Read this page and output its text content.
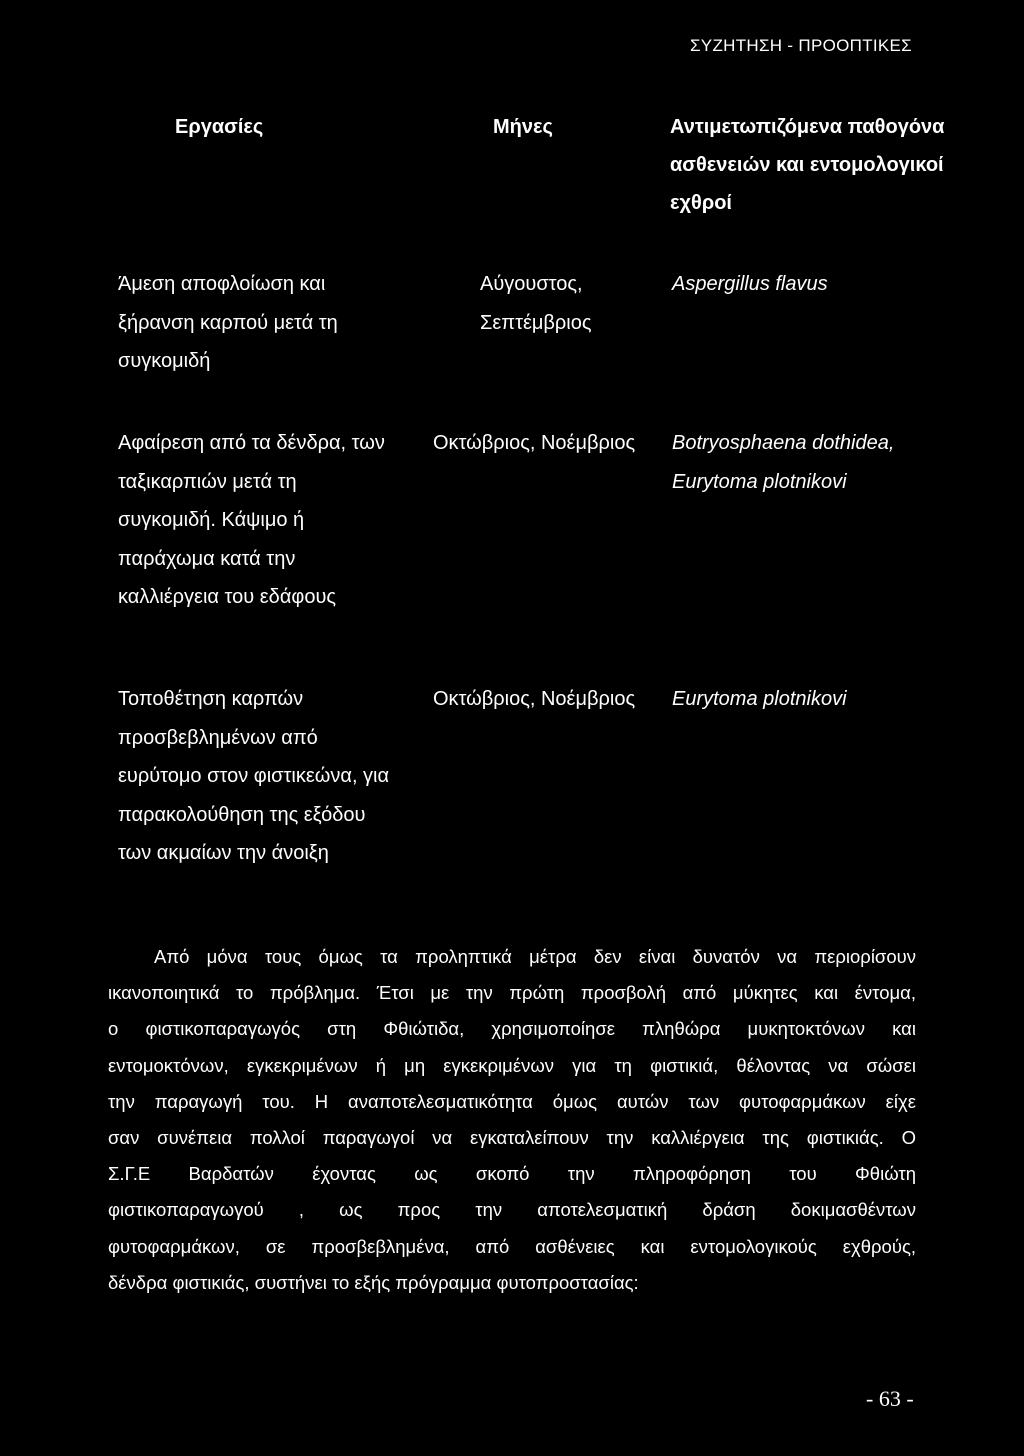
ΣΥΖΗΤΗΣΗ - ΠΡΟΟΠΤΙΚΕΣ
Εργασίες	Μήνες	Αντιμετωπιζόμενα παθογόνα
ασθενειών και εντομολογικοί
εχθροί
Άμεση αποφλοίωση και
ξήρανση καρπού μετά τη
συγκομιδή
Αύγουστος,
Σεπτέμβριος
Aspergillus flavus
Αφαίρεση από τα δένδρα, των
ταξικαρπιών μετά τη
συγκομιδή. Κάψιμο ή
παράχωμα κατά την
καλλιέργεια του εδάφους
Οκτώβριος, Νοέμβριος Botryosphaena dothidea,
Eurytoma plotnikovi
Τοποθέτηση καρπών
προσβεβλημένων από
ευρύτομο στον φιστικεώνα, για
παρακολούθηση της εξόδου
των ακμαίων την άνοιξη
Οκτώβριος, Νοέμβριος Eurytoma plotnikovi
Από μόνα τους όμως τα προληπτικά μέτρα δεν είναι δυνατόν να περιορίσουν
ικανοποιητικά το πρόβλημα. Έτσι με την πρώτη προσβολή από μύκητες και έντομα,
ο φιστικοπαραγωγός στη Φθιώτιδα, χρησιμοποίησε πληθώρα μυκητοκτόνων και
εντομοκτόνων, εγκεκριμένων ή μη εγκεκριμένων για τη φιστικιά, θέλοντας να σώσει
την παραγωγή του. Η αναποτελεσματικότητα όμως αυτών των φυτοφαρμάκων είχε
σαν συνέπεια πολλοί παραγωγοί να εγκαταλείπουν την καλλιέργεια της φιστικιάς. Ο
Σ.Γ.Ε Βαρδατών έχοντας ως σκοπό την πληροφόρηση του Φθιώτη
φιστικοπαραγωγού , ως προς την αποτελεσματική δράση δοκιμασθέντων
φυτοφαρμάκων, σε προσβεβλημένα, από ασθένειες και εντομολογικούς εχθρούς,
δένδρα φιστικιάς, συστήνει το εξής πρόγραμμα φυτοπροστασίας:
- 63 -
